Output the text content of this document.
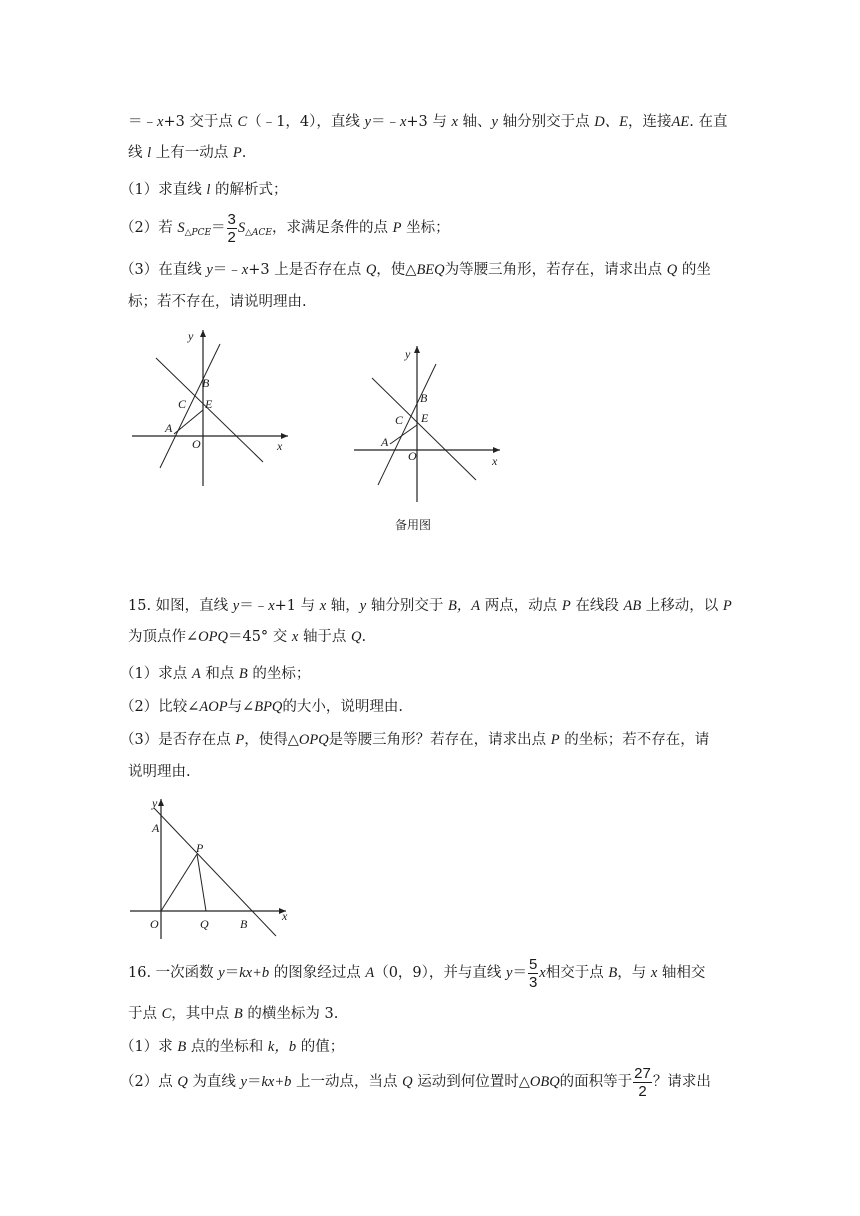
＝﹣x+3 交于点 C（﹣1，4），直线 y＝﹣x+3 与 x 轴、y 轴分别交于点 D、E，连接AE. 在直
线 l 上有一动点 P.
（1）求直线 l 的解析式；
（2）若 $S_{\triangle PCE}= \frac{3}{2} S_{\triangle ACE}$，求满足条件的点 P 坐标；
（3）在直线 y＝﹣x+3 上是否存在点 Q，使△BEQ为等腰三角形，若存在，请求出点 Q 的坐
标；若不存在，请说明理由.
y
x
B
C E
A
O
y
x
B
C E
A
O
备用图
15. 如图，直线 y＝﹣x+1 与 x 轴，y 轴分别交于 B，A 两点，动点 P 在线段 AB 上移动，以 P
为顶点作∠OPQ＝45° 交 x 轴于点 Q.
（1）求点 A 和点 B 的坐标；
（2）比较∠AOP与∠BPQ的大小，说明理由.
（3）是否存在点 P，使得△OPQ是等腰三角形？若存在，请求出点 P 的坐标；若不存在，请
说明理由.
y
x
A
P
O	Q	B
16. 一次函数 y＝kx+b 的图象经过点 A（0，9），并与直线 $y= \frac{5}{3}$ x相交于点 B，与 x 轴相交
于点 C，其中点 B 的横坐标为 3.
（1）求 B 点的坐标和 k，b 的值；
（2）点 Q 为直线 y＝kx+b 上一动点，当点 Q 运动到何位置时△OBQ的面积等于 $\frac{27}{2}$ ？请求出
